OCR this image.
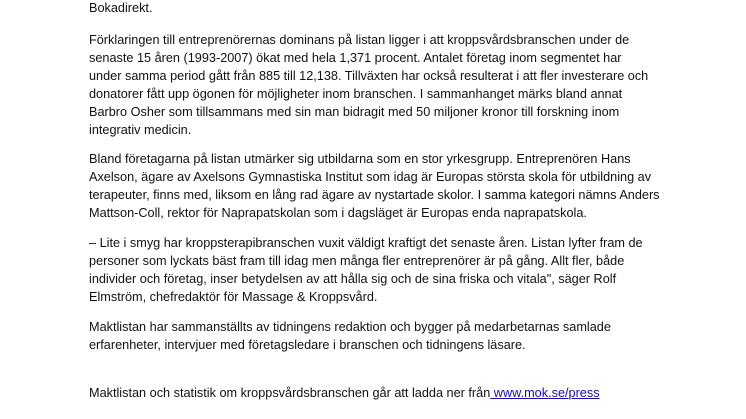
Bokadirekt.
Förklaringen till entreprenörernas dominans på listan ligger i att kroppsvårdsbranschen under de
senaste 15 åren (1993-2007) ökat med hela 1,371 procent. Antalet företag inom segmentet har
under samma period gått från 885 till 12,138. Tillväxten har också resulterat i att fler investerare och
donatorer fått upp ögonen för möjligheter inom branschen. I sammanhanget märks bland annat
Barbro Osher som tillsammans med sin man bidragit med 50 miljoner kronor till forskning inom
integrativ medicin.
Bland företagarna på listan utmärker sig utbildarna som en stor yrkesgrupp. Entreprenören Hans
Axelson, ägare av Axelsons Gymnastiska Institut som idag är Europas största skola för utbildning av
terapeuter, finns med, liksom en lång rad ägare av nystartade skolor. I samma kategori nämns Anders
Mattson-Coll, rektor för Naprapatskolan som i dagsläget är Europas enda naprapatskola.
– Lite i smyg har kroppsterapibranschen vuxit väldigt kraftigt det senaste åren. Listan lyfter fram de
personer som lyckats bäst fram till idag men många fler entreprenörer är på gång. Allt fler, både
individer och företag, inser betydelsen av att hålla sig och de sina friska och vitala", säger Rolf
Elmström, chefredaktör för Massage & Kroppsvård.
Maktlistan har sammanställts av tidningens redaktion och bygger på medarbetarnas samlade
erfarenheter, intervjuer med företagsledare i branschen och tidningens läsare.
Maktlistan och statistik om kroppsvårdsbranschen går att ladda ner från www.mok.se/press
